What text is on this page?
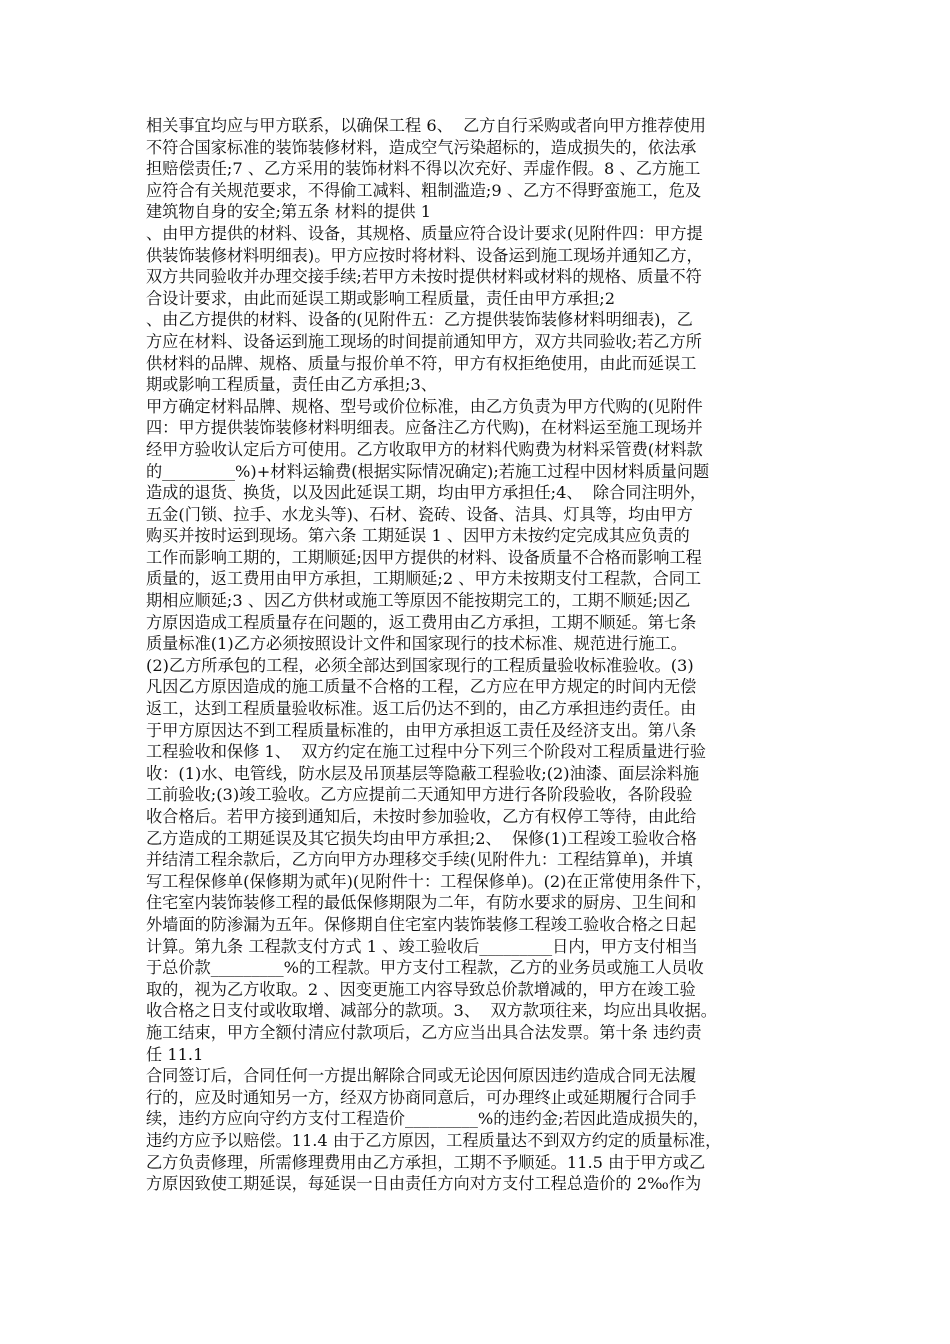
相关事宜均应与甲方联系，以确保工程 6、  乙方自行采购或者向甲方推荐使用
不符合国家标准的装饰装修材料，造成空气污染超标的，造成损失的，依法承
担赔偿责任;7 、乙方采用的装饰材料不得以次充好、弄虚作假。8 、乙方施工
应符合有关规范要求，不得偷工减料、粗制滥造;9 、乙方不得野蛮施工，危及
建筑物自身的安全;第五条 材料的提供 1
、由甲方提供的材料、设备，其规格、质量应符合设计要求(见附件四：甲方提
供装饰装修材料明细表)。甲方应按时将材料、设备运到施工现场并通知乙方，
双方共同验收并办理交接手续;若甲方未按时提供材料或材料的规格、质量不符
合设计要求，由此而延误工期或影响工程质量，责任由甲方承担;2
、由乙方提供的材料、设备的(见附件五：乙方提供装饰装修材料明细表)，乙
方应在材料、设备运到施工现场的时间提前通知甲方，双方共同验收;若乙方所
供材料的品牌、规格、质量与报价单不符，甲方有权拒绝使用，由此而延误工
期或影响工程质量，责任由乙方承担;3、
甲方确定材料品牌、规格、型号或价位标准，由乙方负责为甲方代购的(见附件
四：甲方提供装饰装修材料明细表。应备注乙方代购)，在材料运至施工现场并
经甲方验收认定后方可使用。乙方收取甲方的材料代购费为材料采管费(材料款
的_________%)+材料运输费(根据实际情况确定);若施工过程中因材料质量问题
造成的退货、换货，以及因此延误工期，均由甲方承担任;4、  除合同注明外，
五金(门锁、拉手、水龙头等)、石材、瓷砖、设备、洁具、灯具等，均由甲方
购买并按时运到现场。第六条 工期延误 1 、因甲方未按约定完成其应负责的
工作而影响工期的，工期顺延;因甲方提供的材料、设备质量不合格而影响工程
质量的，返工费用由甲方承担，工期顺延;2 、甲方未按期支付工程款，合同工
期相应顺延;3 、因乙方供材或施工等原因不能按期完工的，工期不顺延;因乙
方原因造成工程质量存在问题的，返工费用由乙方承担，工期不顺延。第七条
质量标准(1)乙方必须按照设计文件和国家现行的技术标准、规范进行施工。
(2)乙方所承包的工程，必须全部达到国家现行的工程质量验收标准验收。(3)
凡因乙方原因造成的施工质量不合格的工程，乙方应在甲方规定的时间内无偿
返工，达到工程质量验收标准。返工后仍达不到的，由乙方承担违约责任。由
于甲方原因达不到工程质量标准的，由甲方承担返工责任及经济支出。第八条
工程验收和保修 1、  双方约定在施工过程中分下列三个阶段对工程质量进行验
收：(1)水、电管线，防水层及吊顶基层等隐蔽工程验收;(2)油漆、面层涂料施
工前验收;(3)竣工验收。乙方应提前二天通知甲方进行各阶段验收，各阶段验
收合格后。若甲方接到通知后，未按时参加验收，乙方有权停工等待，由此给
乙方造成的工期延误及其它损失均由甲方承担;2、  保修(1)工程竣工验收合格
并结清工程余款后，乙方向甲方办理移交手续(见附件九：工程结算单)，并填
写工程保修单(保修期为贰年)(见附件十：工程保修单)。(2)在正常使用条件下，
住宅室内装饰装修工程的最低保修期限为二年，有防水要求的厨房、卫生间和
外墙面的防渗漏为五年。保修期自住宅室内装饰装修工程竣工验收合格之日起
计算。第九条 工程款支付方式 1 、竣工验收后_________日内，甲方支付相当
于总价款_________%的工程款。甲方支付工程款，乙方的业务员或施工人员收
取的，视为乙方收取。2 、因变更施工内容导致总价款增减的，甲方在竣工验
收合格之日支付或收取增、减部分的款项。3、  双方款项往来，均应出具收据。
施工结束，甲方全额付清应付款项后，乙方应当出具合法发票。第十条 违约责
任 11.1
合同签订后，合同任何一方提出解除合同或无论因何原因违约造成合同无法履
行的，应及时通知另一方，经双方协商同意后，可办理终止或延期履行合同手
续，违约方应向守约方支付工程造价_________%的违约金;若因此造成损失的，
违约方应予以赔偿。11.4 由于乙方原因，工程质量达不到双方约定的质量标准，
乙方负责修理，所需修理费用由乙方承担，工期不予顺延。11.5 由于甲方或乙
方原因致使工期延误，每延误一日由责任方向对方支付工程总造价的 2‰作为
